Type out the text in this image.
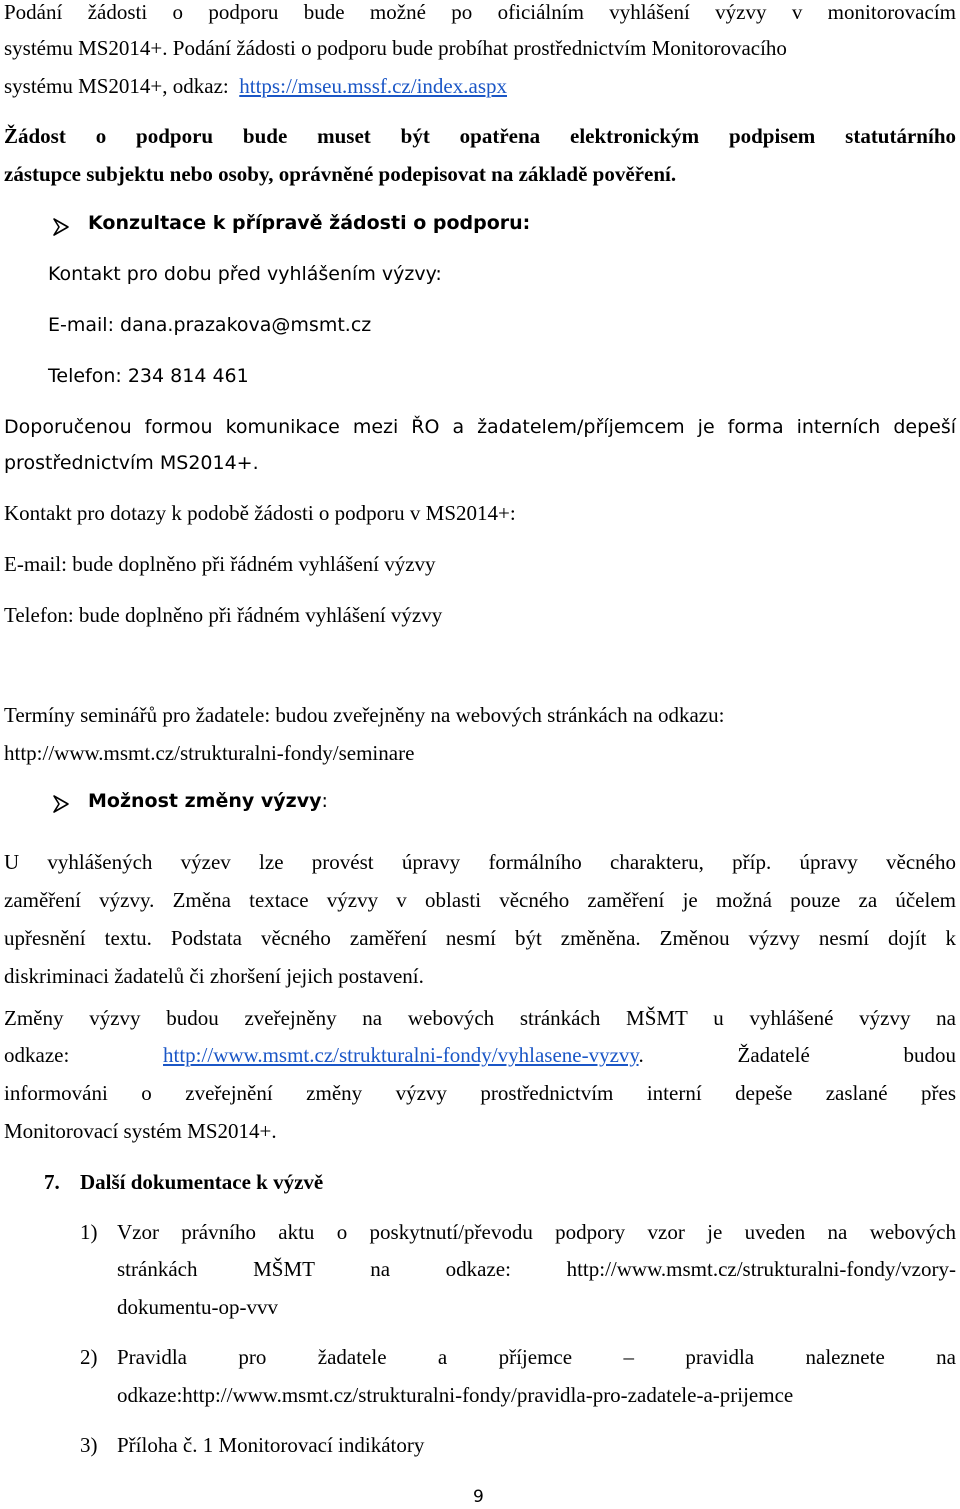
Podání žádosti o podporu bude možné po oficiálním vyhlášení výzvy v monitorovacím
systému MS2014+. Podání žádosti o podporu bude probíhat prostřednictvím Monitorovacího
systému MS2014+, odkaz: https://mseu.mssf.cz/index.aspx
Žádost o podporu bude muset být opatřena elektronickým podpisem statutárního
zástupce subjektu nebo osoby, oprávněné podepisovat na základě pověření.
Konzultace k přípravě žádosti o podporu:
Kontakt pro dobu před vyhlášením výzvy:
E-mail: dana.prazakova@msmt.cz
Telefon: 234 814 461
Doporučenou formou komunikace mezi ŘO a žadatelem/příjemcem je forma interních depeší
prostřednictvím MS2014+.
Kontakt pro dotazy k podobě žádosti o podporu v MS2014+:
E-mail: bude doplněno při řádném vyhlášení výzvy
Telefon: bude doplněno při řádném vyhlášení výzvy
Termíny seminářů pro žadatele: budou zveřejněny na webových stránkách na odkazu:
http://www.msmt.cz/strukturalni-fondy/seminare
Možnost změny výzvy:
U vyhlášených výzev lze provést úpravy formálního charakteru, příp. úpravy věcného
zaměření výzvy. Změna textace výzvy v oblasti věcného zaměření je možná pouze za účelem
upřesnění textu. Podstata věcného zaměření nesmí být změněna. Změnou výzvy nesmí dojít k
diskriminaci žadatelů či zhoršení jejich postavení.
Změny výzvy budou zveřejněny na webových stránkách MŠMT u vyhlášené výzvy na
odkaze:	http://www.msmt.cz/strukturalni-fondy/vyhlasene-vyzvy.	Žadatelé	budou
informováni o zveřejnění změny výzvy prostřednictvím interní depeše zaslané přes
Monitorovací systém MS2014+.
7. Další dokumentace k výzvě
1) Vzor právního aktu o poskytnutí/převodu podpory vzor je uveden na webových
stránkách MŠMT na odkaze: http://www.msmt.cz/strukturalni-fondy/vzory-
dokumentu-op-vvv
2) Pravidla pro žadatele a příjemce – pravidla naleznete na
odkaze:http://www.msmt.cz/strukturalni-fondy/pravidla-pro-zadatele-a-prijemce
3) Příloha č. 1 Monitorovací indikátory
9
